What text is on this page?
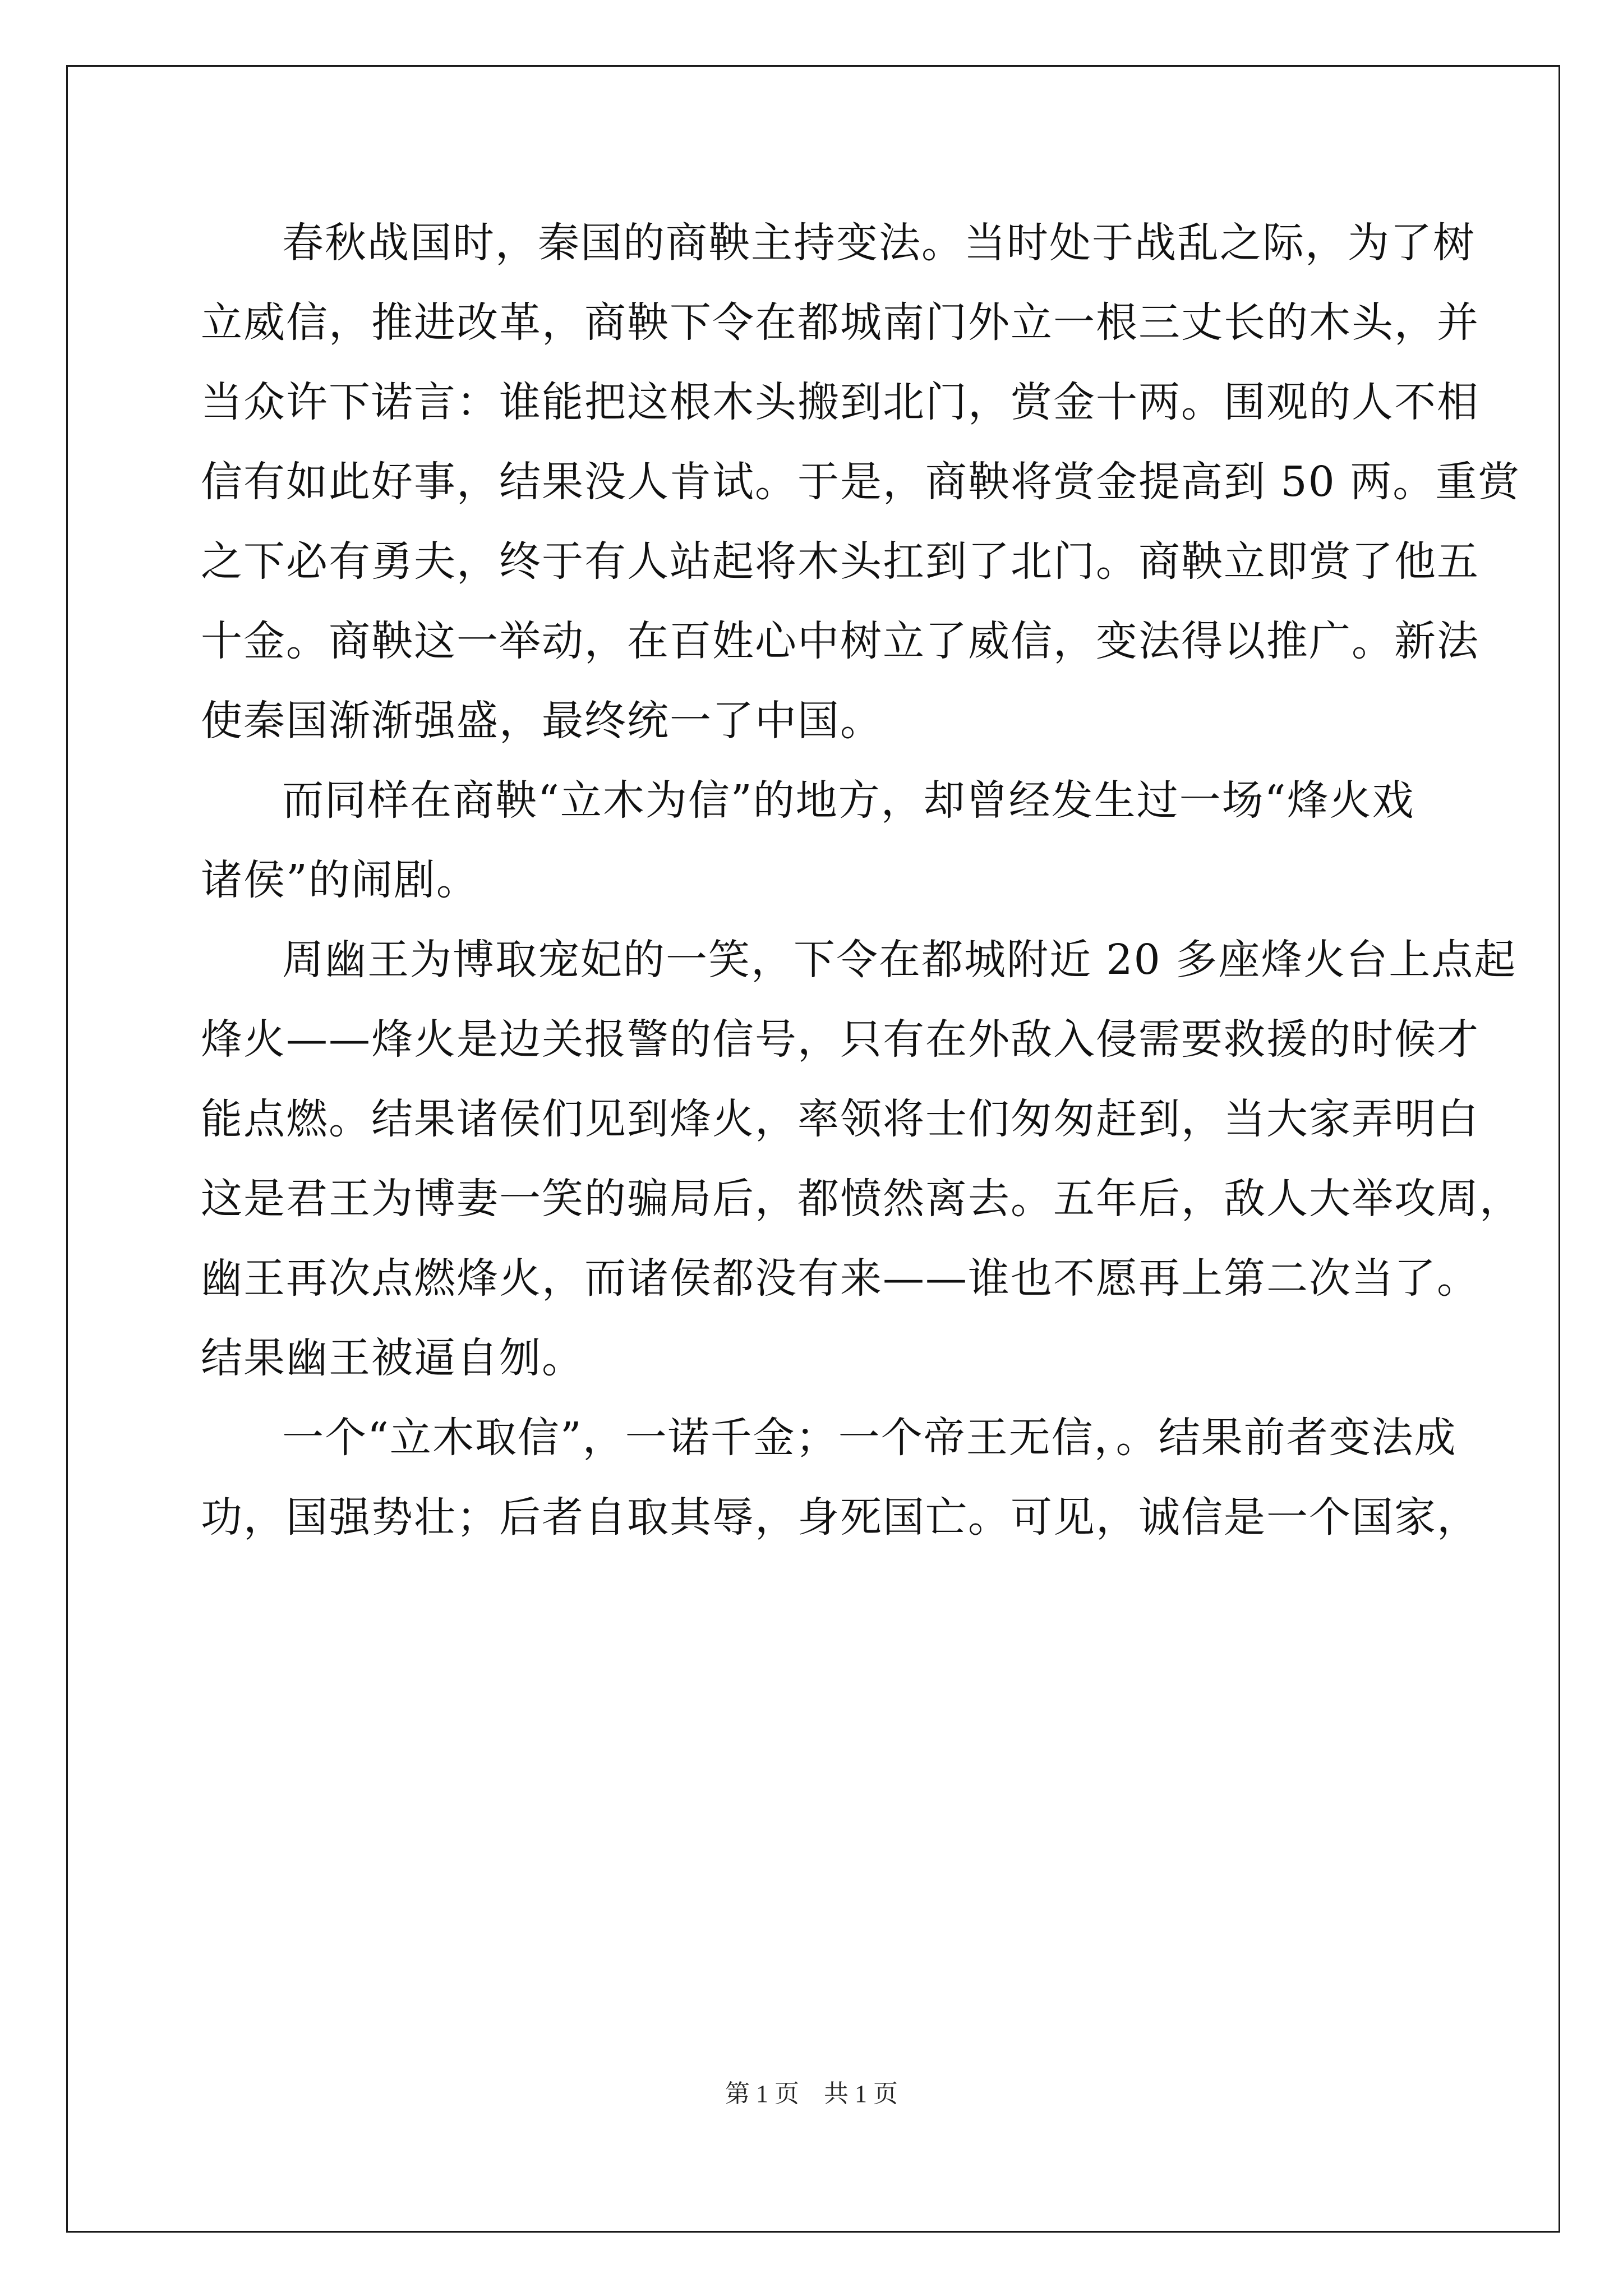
春秋战国时，秦国的商鞅主持变法。当时处于战乱之际，为了树
立威信，推进改革，商鞅下令在都城南门外立一根三丈长的木头，并
当众许下诺言：谁能把这根木头搬到北门，赏金十两。围观的人不相
信有如此好事，结果没人肯试。于是，商鞅将赏金提高到 50 两。重赏
之下必有勇夫，终于有人站起将木头扛到了北门。商鞅立即赏了他五
十金。商鞅这一举动，在百姓心中树立了威信，变法得以推广。新法
使秦国渐渐强盛，最终统一了中国。
而同样在商鞅“立木为信”的地方，却曾经发生过一场“烽火戏
诸侯”的闹剧。
周幽王为博取宠妃的一笑，下令在都城附近 20 多座烽火台上点起
烽火——烽火是边关报警的信号，只有在外敌入侵需要救援的时候才
能点燃。结果诸侯们见到烽火，率领将士们匆匆赶到，当大家弄明白
这是君王为博妻一笑的骗局后，都愤然离去。五年后，敌人大举攻周，
幽王再次点燃烽火，而诸侯都没有来——谁也不愿再上第二次当了。
结果幽王被逼自刎。
一个“立木取信”，一诺千金；一个帝王无信，。结果前者变法成
功，国强势壮；后者自取其辱，身死国亡。可见，诚信是一个国家，
第 1 页　共 1 页
